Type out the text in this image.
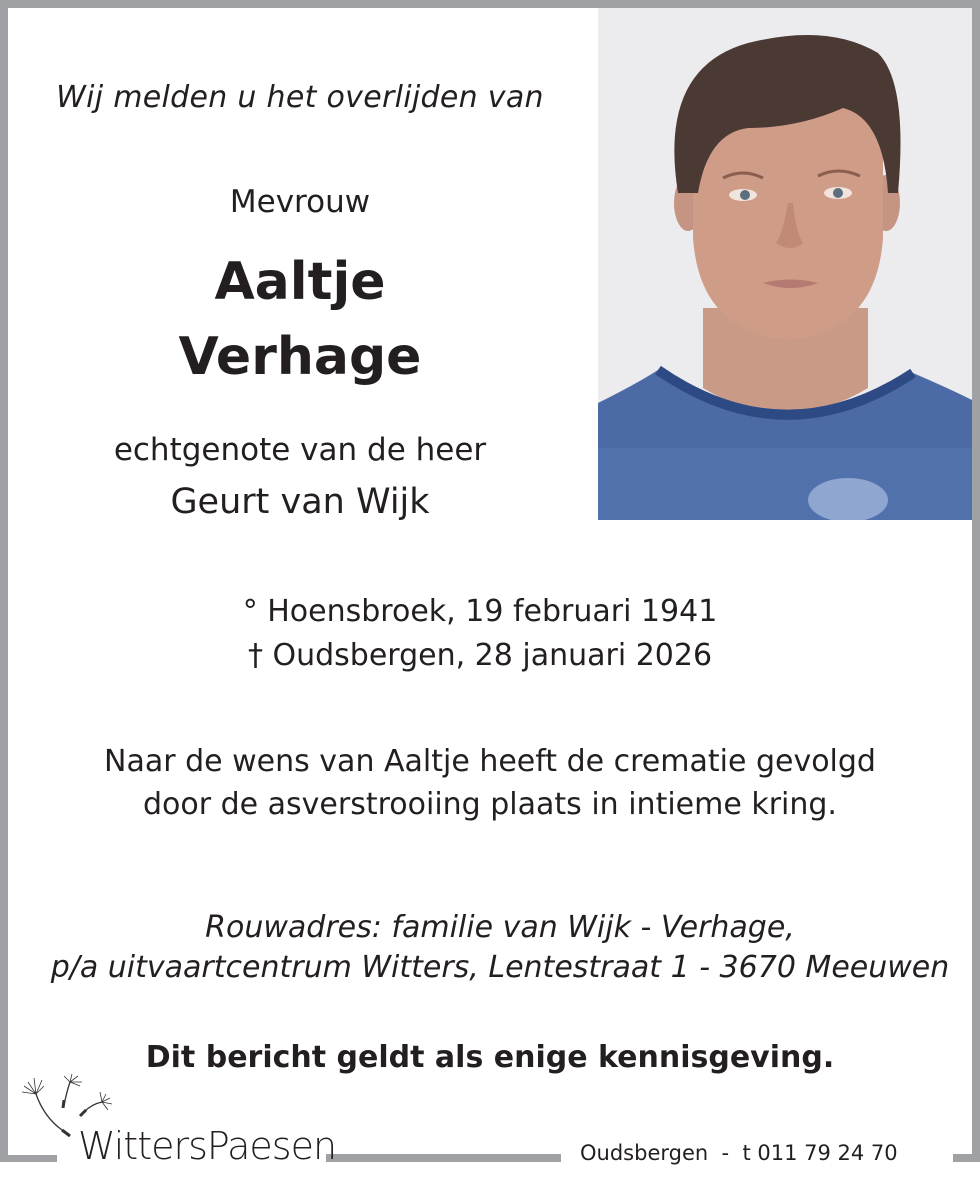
Wij melden u het overlijden van
Mevrouw
Aaltje
Verhage
echtgenote van de heer
Geurt van Wijk
° Hoensbroek, 19 februari 1941
† Oudsbergen, 28 januari 2026
Naar de wens van Aaltje heeft de crematie gevolgd
door de asverstrooiing plaats in intieme kring.
Rouwadres: familie van Wijk - Verhage,
p/a uitvaartcentrum Witters, Lentestraat 1 - 3670 Meeuwen
Dit bericht geldt als enige kennisgeving.
WittersPaesen	Oudsbergen  -  t 011 79 24 70
